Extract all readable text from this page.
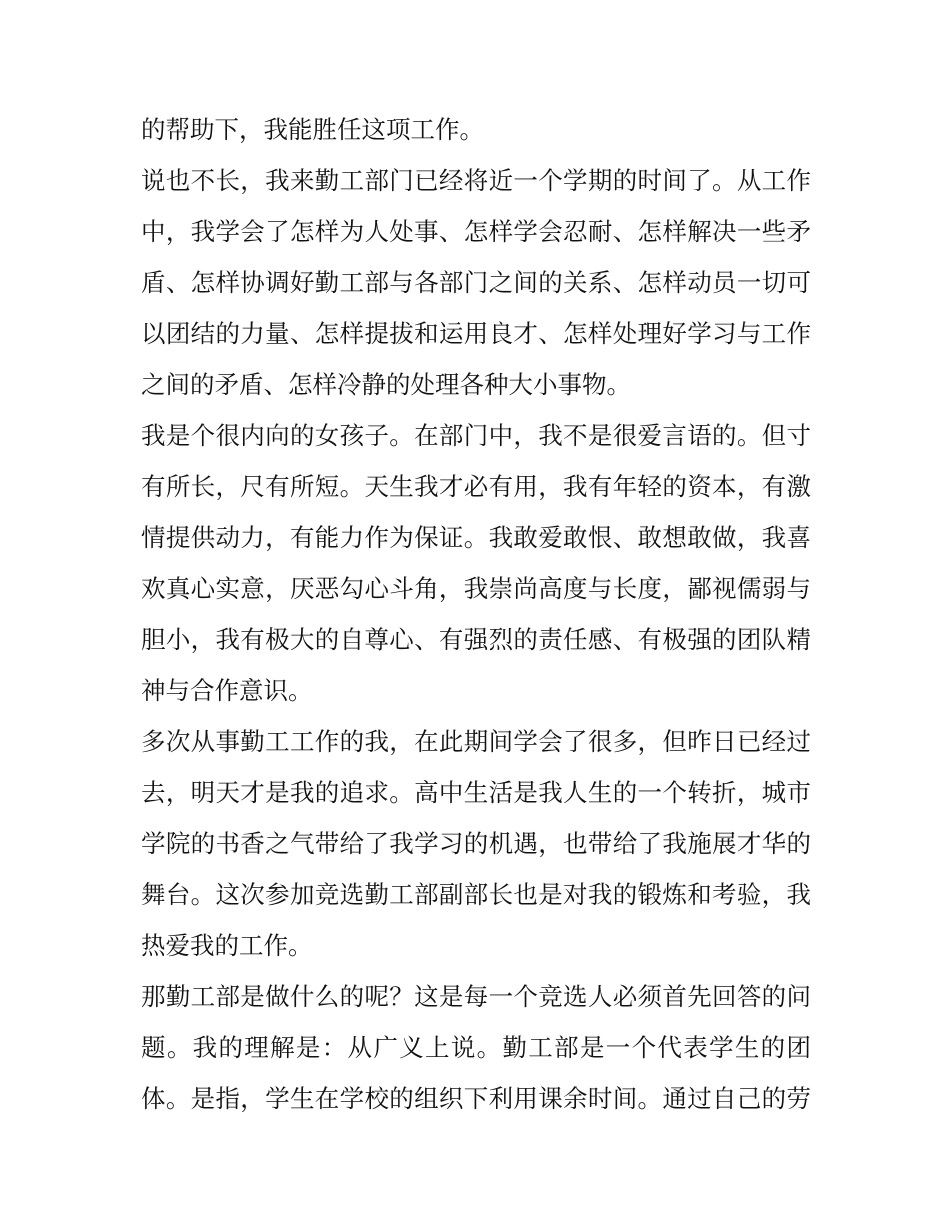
的帮助下，我能胜任这项工作。
说也不长，我来勤工部门已经将近一个学期的时间了。从工作
中，我学会了怎样为人处事、怎样学会忍耐、怎样解决一些矛
盾、怎样协调好勤工部与各部门之间的关系、怎样动员一切可
以团结的力量、怎样提拔和运用良才、怎样处理好学习与工作
之间的矛盾、怎样冷静的处理各种大小事物。
我是个很内向的女孩子。在部门中，我不是很爱言语的。但寸
有所长，尺有所短。天生我才必有用，我有年轻的资本，有激
情提供动力，有能力作为保证。我敢爱敢恨、敢想敢做，我喜
欢真心实意，厌恶勾心斗角，我崇尚高度与长度，鄙视儒弱与
胆小，我有极大的自尊心、有强烈的责任感、有极强的团队精
神与合作意识。
多次从事勤工工作的我，在此期间学会了很多，但昨日已经过
去，明天才是我的追求。高中生活是我人生的一个转折，城市
学院的书香之气带给了我学习的机遇，也带给了我施展才华的
舞台。这次参加竞选勤工部副部长也是对我的锻炼和考验，我
热爱我的工作。
那勤工部是做什么的呢？这是每一个竞选人必须首先回答的问
题。我的理解是：从广义上说。勤工部是一个代表学生的团
体。是指，学生在学校的组织下利用课余时间。通过自己的劳
